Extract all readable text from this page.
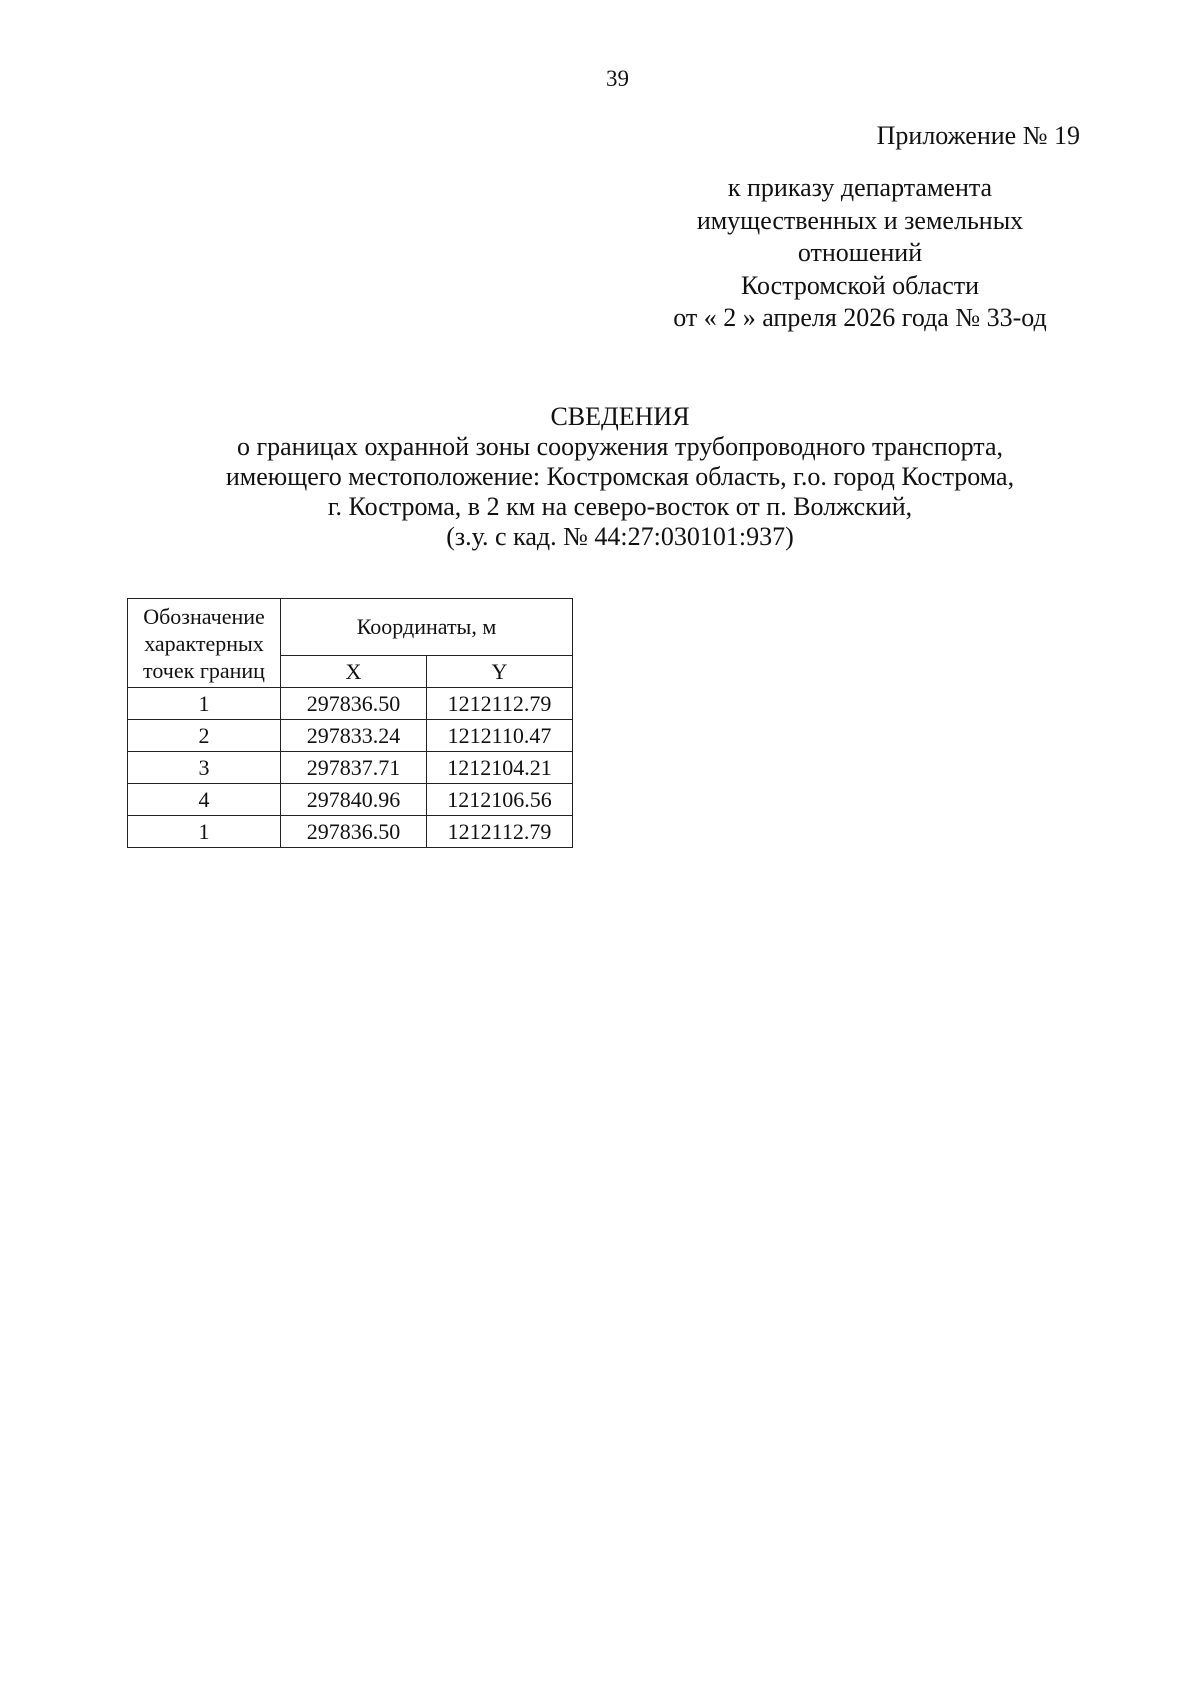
39
Приложение № 19
к приказу департамента
имущественных и земельных
отношений
Костромской области
от « 2 » апреля 2026 года № 33-од
СВЕДЕНИЯ
о границах охранной зоны сооружения трубопроводного транспорта,
имеющего местоположение: Костромская область, г.о. город Кострома,
г. Кострома, в 2 км на северо-восток от п. Волжский,
(з.у. с кад. № 44:27:030101:937)
Обозначение
характерных
точек границ	Координаты, м	
	X	Y
1	297836.50	1212112.79
2	297833.24	1212110.47
3	297837.71	1212104.21
4	297840.96	1212106.56
1	297836.50	1212112.79
